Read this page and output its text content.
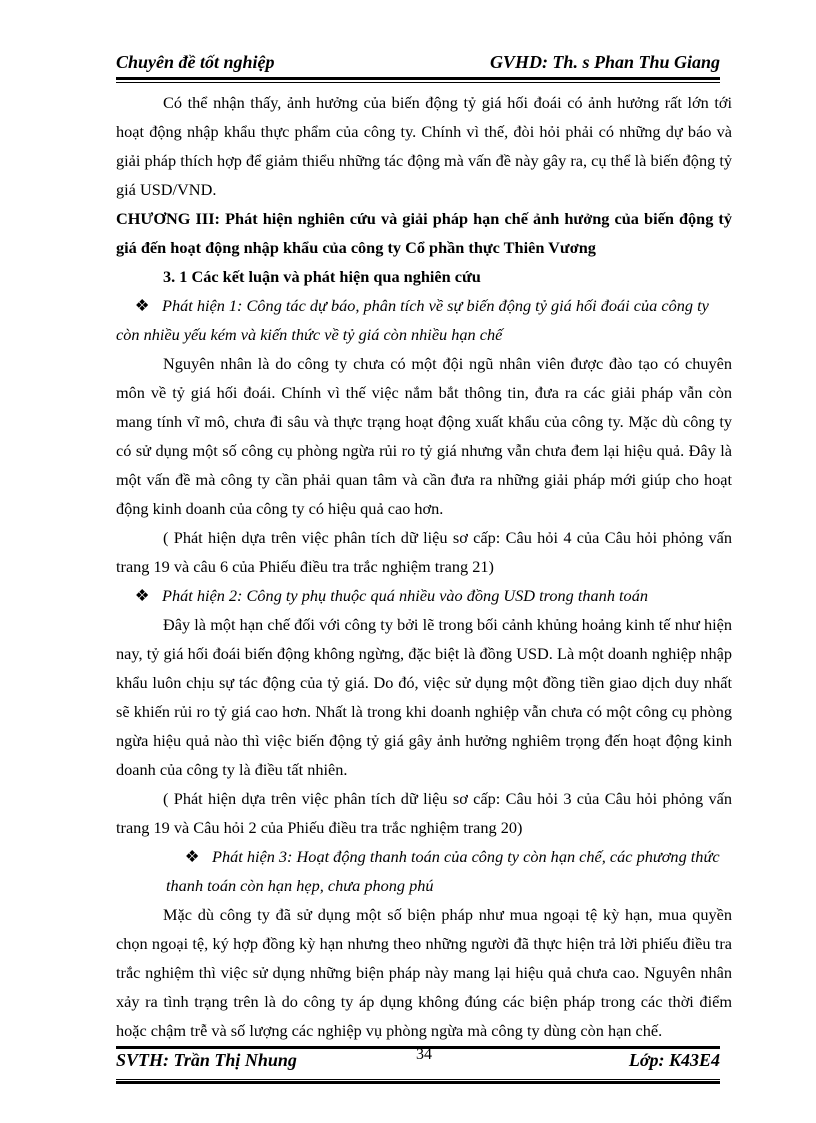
Chuyên đề tốt nghiệp	GVHD: Th. s Phan Thu Giang

Có thể nhận thấy, ảnh hưởng của biến động tỷ giá hối đoái có ảnh hưởng rất lớn tới hoạt động nhập khẩu thực phẩm của công ty. Chính vì thế, đòi hỏi phải có những dự báo và giải pháp thích hợp để giảm thiểu những tác động mà vấn đề này gây ra, cụ thể là biến động tỷ giá USD/VND.

CHƯƠNG III: Phát hiện nghiên cứu và giải pháp hạn chế ảnh hưởng của biến động tỷ giá đến hoạt động nhập khẩu của công ty Cổ phần thực Thiên Vương

3. 1 Các kết luận và phát hiện qua nghiên cứu

❖ Phát hiện 1: Công tác dự báo, phân tích về sự biến động tỷ giá hối đoái của công ty còn nhiều yếu kém và kiến thức về tỷ giá còn nhiều hạn chế

Nguyên nhân là do công ty chưa có một đội ngũ nhân viên được đào tạo có chuyên môn về tỷ giá hối đoái. Chính vì thế việc nắm bắt thông tin, đưa ra các giải pháp vẫn còn mang tính vĩ mô, chưa đi sâu và thực trạng hoạt động xuất khẩu của công ty. Mặc dù công ty có sử dụng một số công cụ phòng ngừa rủi ro tỷ giá nhưng vẫn chưa đem lại hiệu quả. Đây là một vấn đề mà công ty cần phải quan tâm và cần đưa ra những giải pháp mới giúp cho hoạt động kinh doanh của công ty có hiệu quả cao hơn.

( Phát hiện dựa trên việc phân tích dữ liệu sơ cấp: Câu hỏi 4 của Câu hỏi phỏng vấn trang 19 và câu 6 của Phiếu điều tra trắc nghiệm trang 21)

❖ Phát hiện 2: Công ty phụ thuộc quá nhiều vào đồng USD trong thanh toán

Đây là một hạn chế đối với công ty bởi lẽ trong bối cảnh khủng hoảng kinh tế như hiện nay, tỷ giá hối đoái biến động không ngừng, đặc biệt là đồng USD. Là một doanh nghiệp nhập khẩu luôn chịu sự tác động của tỷ giá. Do đó, việc sử dụng một đồng tiền giao dịch duy nhất sẽ khiến rủi ro tỷ giá cao hơn. Nhất là trong khi doanh nghiệp vẫn chưa có một công cụ phòng ngừa hiệu quả nào thì việc biến động tỷ giá gây ảnh hưởng nghiêm trọng đến hoạt động kinh doanh của công ty là điều tất nhiên.

( Phát hiện dựa trên việc phân tích dữ liệu sơ cấp: Câu hỏi 3 của Câu hỏi phỏng vấn trang 19 và Câu hỏi 2 của Phiếu điều tra trắc nghiệm trang 20)

❖ Phát hiện 3: Hoạt động thanh toán của công ty còn hạn chế, các phương thức thanh toán còn hạn hẹp, chưa phong phú

Mặc dù công ty đã sử dụng một số biện pháp như mua ngoại tệ kỳ hạn, mua quyền chọn ngoại tệ, ký hợp đồng kỳ hạn nhưng theo những người đã thực hiện trả lời phiếu điều tra trắc nghiệm thì việc sử dụng những biện pháp này mang lại hiệu quả chưa cao. Nguyên nhân xảy ra tình trạng trên là do công ty áp dụng không đúng các biện pháp trong các thời điểm hoặc chậm trễ và số lượng các nghiệp vụ phòng ngừa mà công ty dùng còn hạn chế.

SVTH: Trần Thị Nhung	34	Lớp: K43E4
